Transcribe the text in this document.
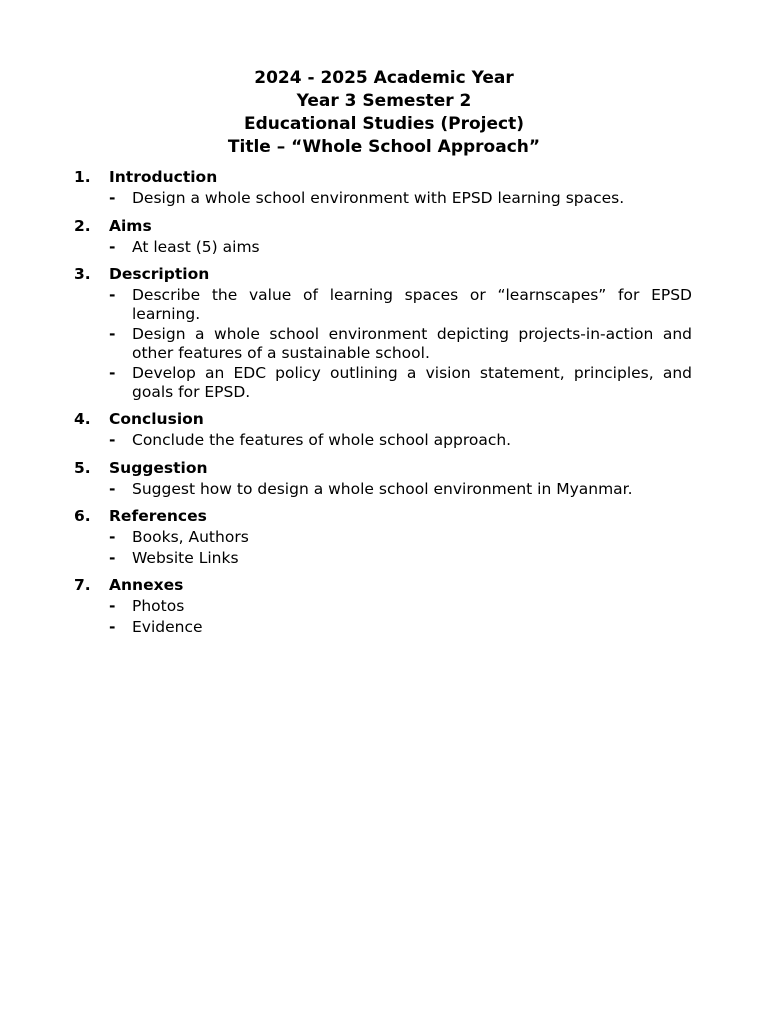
2024 - 2025 Academic Year
Year 3 Semester 2
Educational Studies (Project)
Title – “Whole School Approach”
1.	Introduction
-	Design a whole school environment with EPSD learning spaces.
2.	Aims
-	At least (5) aims
3.	Description
-	Describe the value of learning spaces or “learnscapes” for EPSD learning.
-	Design a whole school environment depicting projects-in-action and other features of a sustainable school.
-	Develop an EDC policy outlining a vision statement, principles, and goals for EPSD.
4.	Conclusion
-	Conclude the features of whole school approach.
5.	Suggestion
-	Suggest how to design a whole school environment in Myanmar.
6.	References
-	Books, Authors
-	Website Links
7.	Annexes
-	Photos
-	Evidence
